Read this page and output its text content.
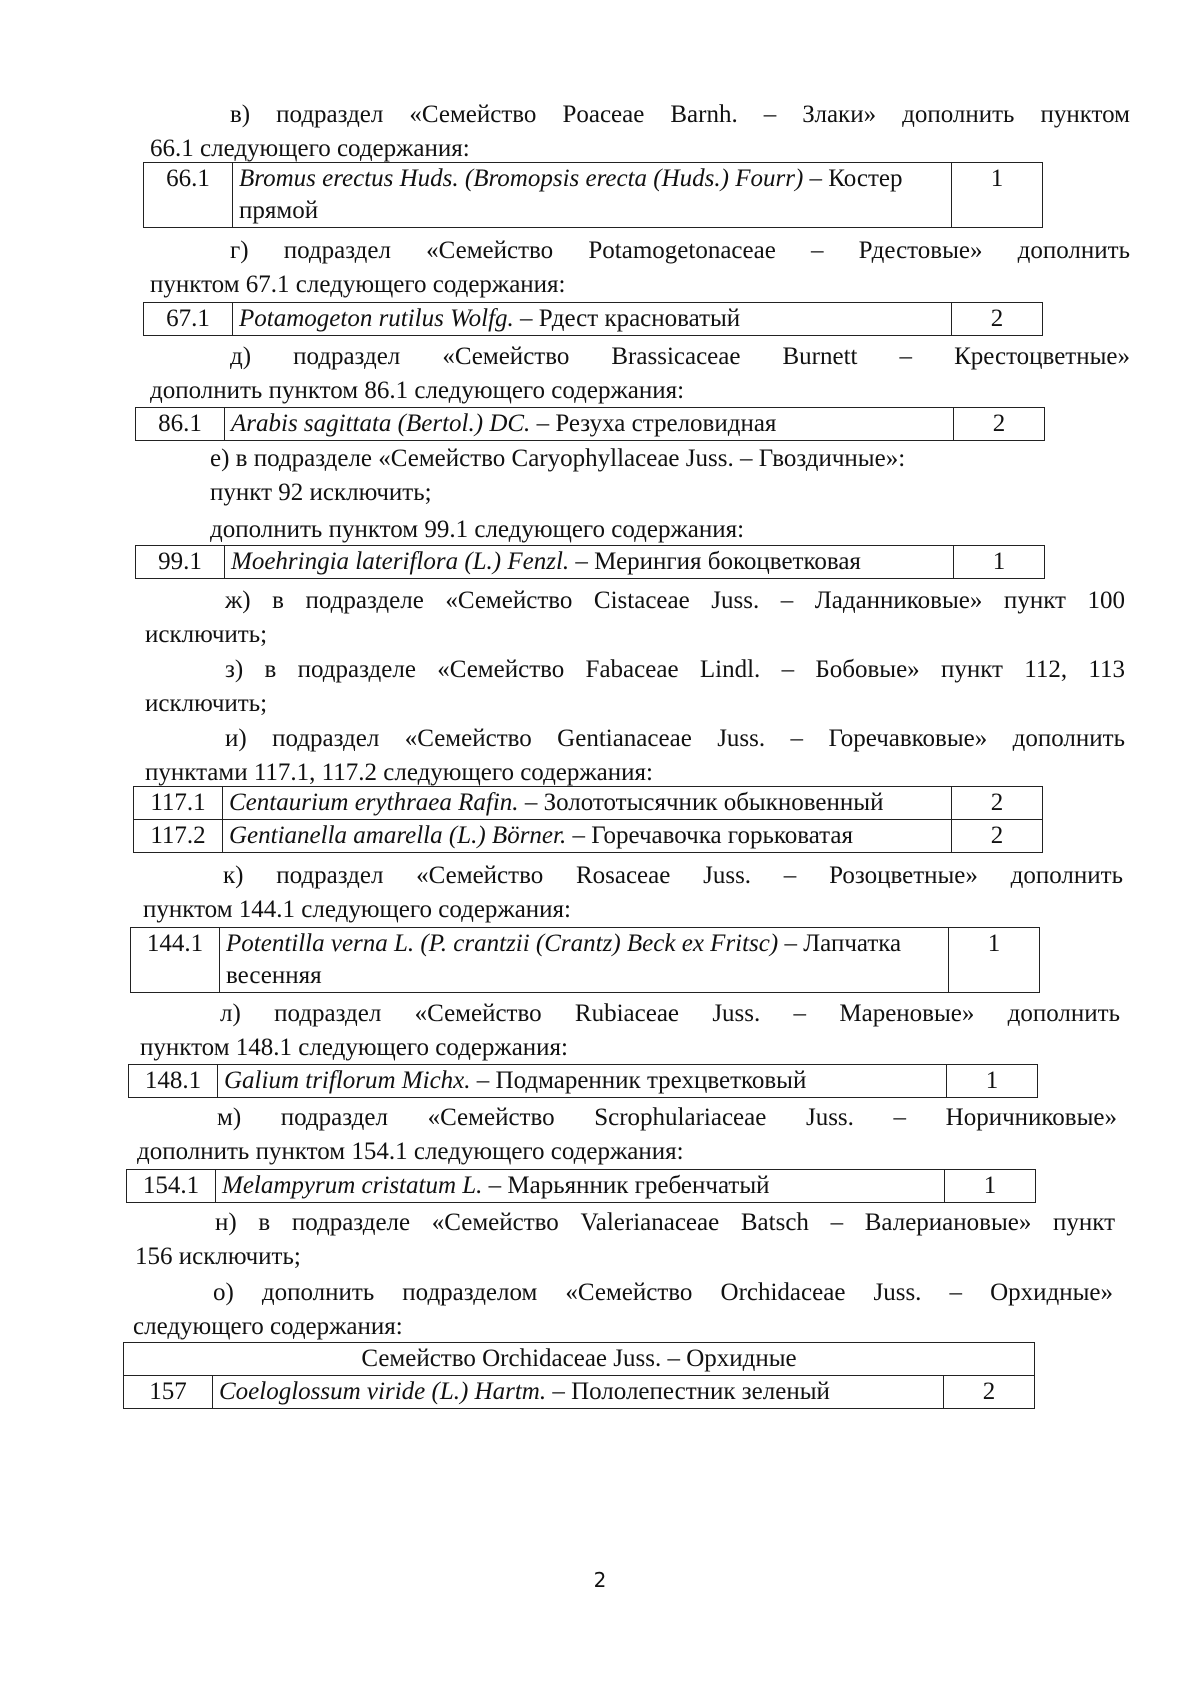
в) подраздел «Семейство Poaceae Barnh. – Злаки» дополнить пунктом
66.1 следующего содержания:
66.1	Bromus erectus Huds. (Bromopsis erecta (Huds.) Fourr) – Костер прямой	1
г) подраздел «Семейство Potamogetonaceae – Рдестовые» дополнить
пунктом 67.1 следующего содержания:
67.1	Potamogeton rutilus Wolfg. – Рдест красноватый	2
д) подраздел «Семейство Brassicaceae Burnett – Крестоцветные»
дополнить пунктом 86.1 следующего содержания:
86.1	Arabis sagittata (Bertol.) DC. – Резуха стреловидная	2
е) в подразделе «Семейство Caryophyllaceae Juss. – Гвоздичные»:
пункт 92 исключить;
дополнить пунктом 99.1 следующего содержания:
99.1	Moehringia lateriflora (L.) Fenzl. – Мерингия бокоцветковая	1
ж) в подразделе «Семейство Cistaceae Juss. – Ладанниковые» пункт 100
исключить;
з) в подразделе «Семейство Fabaceae Lindl. – Бобовые» пункт 112, 113
исключить;
и) подраздел «Семейство Gentianaceae Juss. – Горечавковые» дополнить
пунктами 117.1, 117.2 следующего содержания:
117.1	Centaurium erythraea Rafin. – Золототысячник обыкновенный	2
117.2	Gentianella amarella (L.) Börner. – Горечавочка горьковатая	2
к) подраздел «Семейство Rosaceae Juss. – Розоцветные» дополнить
пунктом 144.1 следующего содержания:
144.1	Potentilla verna L. (P. crantzii (Crantz) Beck ex Fritsc) – Лапчатка весенняя	1
л) подраздел «Семейство Rubiaceae Juss. – Мареновые» дополнить
пунктом 148.1 следующего содержания:
148.1	Galium triflorum Michx. – Подмаренник трехцветковый	1
м) подраздел «Семейство Scrophulariaceae Juss. – Норичниковые»
дополнить пунктом 154.1 следующего содержания:
154.1	Melampyrum cristatum L. – Марьянник гребенчатый	1
н) в подразделе «Семейство Valerianaceae Batsch – Валериановые» пункт
156 исключить;
о) дополнить подразделом «Семейство Orchidaceae Juss. – Орхидные»
следующего содержания:
Семейство Orchidaceae Juss. – Орхидные
157	Coeloglossum viride (L.) Hartm. – Пололепестник зеленый	2
2
